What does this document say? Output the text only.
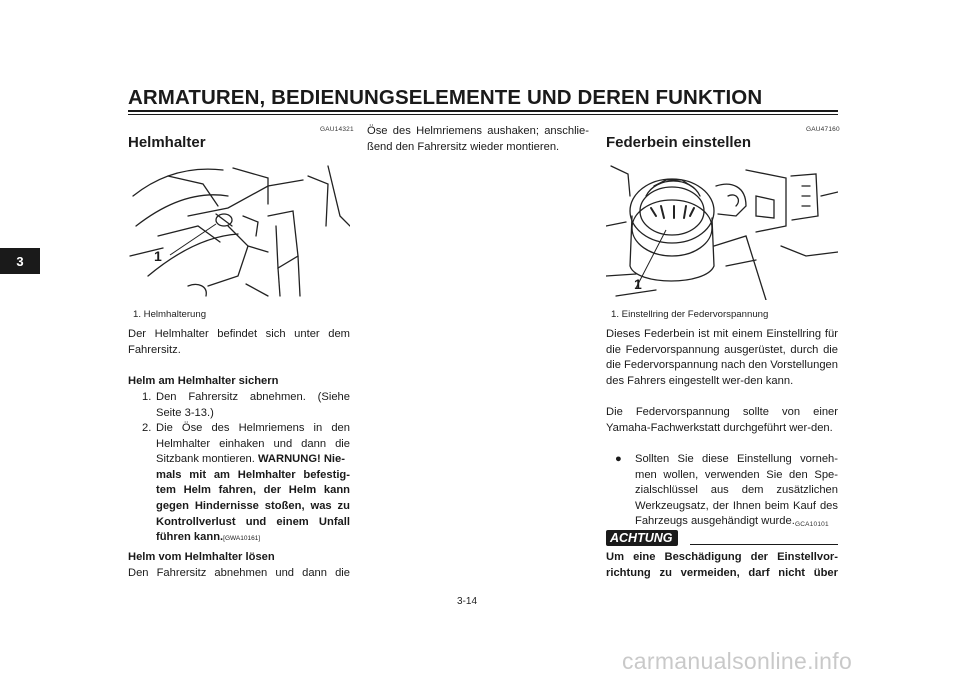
ARMATUREN, BEDIENUNGSELEMENTE UND DEREN FUNKTION
3
GAU14321
Helmhalter
1
1. Helmhalterung
Der Helmhalter befindet sich unter dem Fahrersitz.
Helm am Helmhalter sichern
1. Den Fahrersitz abnehmen. (Siehe
Seite 3-13.)
2. Die Öse des Helmriemens in den
Helmhalter einhaken und dann die
Sitzbank montieren. WARNUNG! Nie-
mals mit am Helmhalter befestig-
tem Helm fahren, der Helm kann
gegen Hindernisse stoßen, was zu
Kontrollverlust und einem Unfall
führen kann.[GWA10161]
Helm vom Helmhalter lösen
Den Fahrersitz abnehmen und dann die
Öse des Helmriemens aushaken; anschlie-
ßend den Fahrersitz wieder montieren.
GAU47160
Federbein einstellen
1
1. Einstellring der Federvorspannung
Dieses Federbein ist mit einem Einstellring für die Federvorspannung ausgerüstet, durch die die Federvorspannung nach den Vorstellungen des Fahrers eingestellt wer-den kann.
Die Federvorspannung sollte von einer Yamaha-Fachwerkstatt durchgeführt wer-den.
●	Sollten Sie diese Einstellung vorneh-men wollen, verwenden Sie den Spe-zialschlüssel aus dem zusätzlichen Werkzeugsatz, der Ihnen beim Kauf des Fahrzeugs ausgehändigt wurde. GCA10101
ACHTUNG
Um eine Beschädigung der Einstellvor-
richtung zu vermeiden, darf nicht über
3-14
carmanualsonline.info
